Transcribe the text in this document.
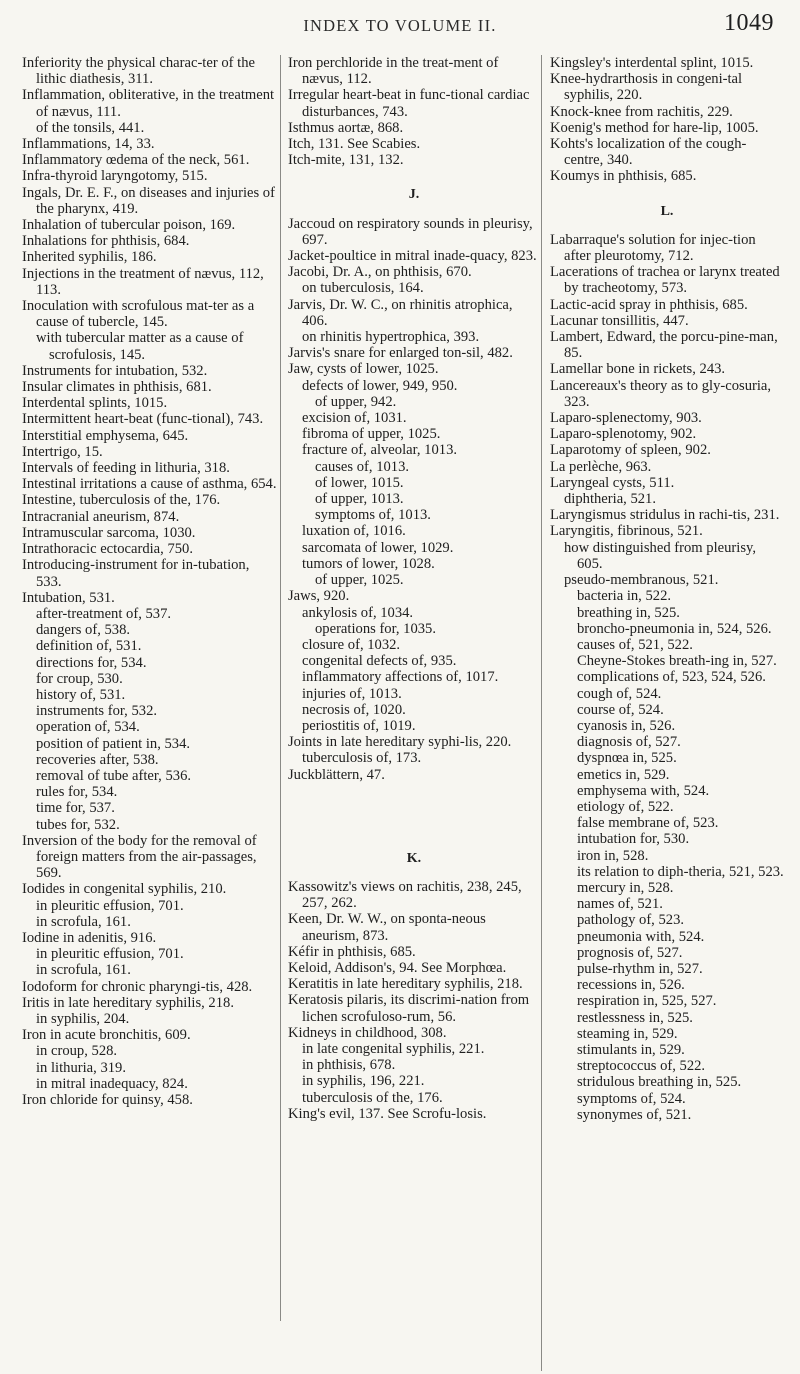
INDEX TO VOLUME II.	1049
Inferiority the physical charac-ter of the lithic diathesis, 311.
Inflammation, obliterative, in the treatment of nævus, 111.
of the tonsils, 441.
Inflammations, 14, 33.
Inflammatory œdema of the neck, 561.
Infra-thyroid laryngotomy, 515.
Ingals, Dr. E. F., on diseases and injuries of the pharynx, 419.
Inhalation of tubercular poison, 169.
Inhalations for phthisis, 684.
Inherited syphilis, 186.
Injections in the treatment of nævus, 112, 113.
Inoculation with scrofulous mat-ter as a cause of tubercle, 145.
with tubercular matter as a cause of scrofulosis, 145.
Instruments for intubation, 532.
Insular climates in phthisis, 681.
Interdental splints, 1015.
Intermittent heart-beat (func-tional), 743.
Interstitial emphysema, 645.
Intertrigo, 15.
Intervals of feeding in lithuria, 318.
Intestinal irritations a cause of asthma, 654.
Intestine, tuberculosis of the, 176.
Intracranial aneurism, 874.
Intramuscular sarcoma, 1030.
Intrathoracic ectocardia, 750.
Introducing-instrument for in-tubation, 533.
Intubation, 531.
after-treatment of, 537.
dangers of, 538.
definition of, 531.
directions for, 534.
for croup, 530.
history of, 531.
instruments for, 532.
operation of, 534.
position of patient in, 534.
recoveries after, 538.
removal of tube after, 536.
rules for, 534.
time for, 537.
tubes for, 532.
Inversion of the body for the removal of foreign matters from the air-passages, 569.
Iodides in congenital syphilis, 210.
in pleuritic effusion, 701.
in scrofula, 161.
Iodine in adenitis, 916.
in pleuritic effusion, 701.
in scrofula, 161.
Iodoform for chronic pharyngi-tis, 428.
Iritis in late hereditary syphilis, 218.
in syphilis, 204.
Iron in acute bronchitis, 609.
in croup, 528.
in lithuria, 319.
in mitral inadequacy, 824.
Iron chloride for quinsy, 458.
Iron perchloride in the treat-ment of nævus, 112.
Irregular heart-beat in func-tional cardiac disturbances, 743.
Isthmus aortæ, 868.
Itch, 131. See Scabies.
Itch-mite, 131, 132.
J.
Jaccoud on respiratory sounds in pleurisy, 697.
Jacket-poultice in mitral inade-quacy, 823.
Jacobi, Dr. A., on phthisis, 670.
on tuberculosis, 164.
Jarvis, Dr. W. C., on rhinitis atrophica, 406.
on rhinitis hypertrophica, 393.
Jarvis's snare for enlarged ton-sil, 482.
Jaw, cysts of lower, 1025.
defects of lower, 949, 950.
of upper, 942.
excision of, 1031.
fibroma of upper, 1025.
fracture of, alveolar, 1013.
causes of, 1013.
of lower, 1015.
of upper, 1013.
symptoms of, 1013.
luxation of, 1016.
sarcomata of lower, 1029.
tumors of lower, 1028.
of upper, 1025.
Jaws, 920.
ankylosis of, 1034.
operations for, 1035.
closure of, 1032.
congenital defects of, 935.
inflammatory affections of, 1017.
injuries of, 1013.
necrosis of, 1020.
periostitis of, 1019.
Joints in late hereditary syphi-lis, 220.
tuberculosis of, 173.
Juckblättern, 47.
K.
Kassowitz's views on rachitis, 238, 245, 257, 262.
Keen, Dr. W. W., on sponta-neous aneurism, 873.
Kéfir in phthisis, 685.
Keloid, Addison's, 94. See Morphœa.
Keratitis in late hereditary syphilis, 218.
Keratosis pilaris, its discrimi-nation from lichen scrofuloso-rum, 56.
Kidneys in childhood, 308.
in late congenital syphilis, 221.
in phthisis, 678.
in syphilis, 196, 221.
tuberculosis of the, 176.
King's evil, 137. See Scrofu-losis.
Kingsley's interdental splint, 1015.
Knee-hydrarthosis in congeni-tal syphilis, 220.
Knock-knee from rachitis, 229.
Koenig's method for hare-lip, 1005.
Kohts's localization of the cough-centre, 340.
Koumys in phthisis, 685.
L.
Labarraque's solution for injec-tion after pleurotomy, 712.
Lacerations of trachea or larynx treated by tracheotomy, 573.
Lactic-acid spray in phthisis, 685.
Lacunar tonsillitis, 447.
Lambert, Edward, the porcu-pine-man, 85.
Lamellar bone in rickets, 243.
Lancereaux's theory as to gly-cosuria, 323.
Laparo-splenectomy, 903.
Laparo-splenotomy, 902.
Laparotomy of spleen, 902.
La perlèche, 963.
Laryngeal cysts, 511.
diphtheria, 521.
Laryngismus stridulus in rachi-tis, 231.
Laryngitis, fibrinous, 521.
how distinguished from pleurisy, 605.
pseudo-membranous, 521.
bacteria in, 522.
breathing in, 525.
broncho-pneumonia in, 524, 526.
causes of, 521, 522.
Cheyne-Stokes breath-ing in, 527.
complications of, 523, 524, 526.
cough of, 524.
course of, 524.
cyanosis in, 526.
diagnosis of, 527.
dyspnœa in, 525.
emetics in, 529.
emphysema with, 524.
etiology of, 522.
false membrane of, 523.
intubation for, 530.
iron in, 528.
its relation to diph-theria, 521, 523.
mercury in, 528.
names of, 521.
pathology of, 523.
pneumonia with, 524.
prognosis of, 527.
pulse-rhythm in, 527.
recessions in, 526.
respiration in, 525, 527.
restlessness in, 525.
steaming in, 529.
stimulants in, 529.
streptococcus of, 522.
stridulous breathing in, 525.
symptoms of, 524.
synonymes of, 521.
